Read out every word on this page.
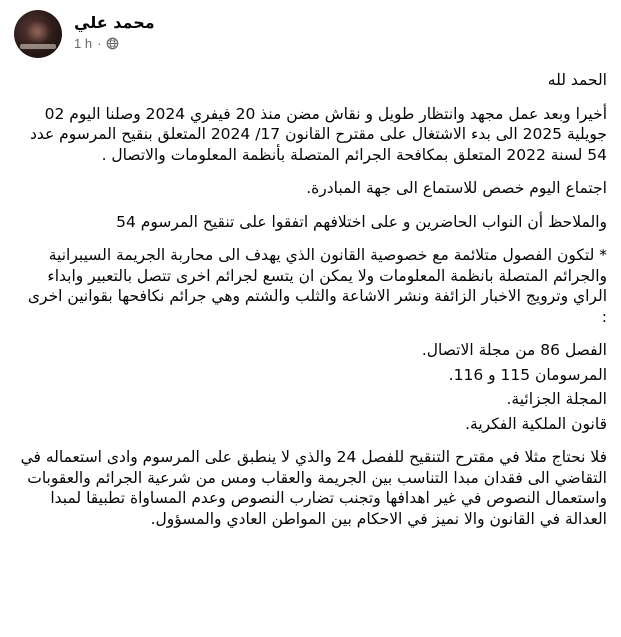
محمد علي
1 h ·

الحمد لله

أخيرا وبعد عمل مجهد وانتظار طويل و نقاش مضن منذ 20 فيفري 2024 وصلنا اليوم 02 جويلية 2025 الى بدء الاشتغال على مقترح القانون 17/ 2024 المتعلق بنقيح المرسوم عدد 54 لسنة 2022 المتعلق بمكافحة الجرائم المتصلة بأنظمة المعلومات والاتصال .

اجتماع اليوم خصص للاستماع الى جهة المبادرة.

والملاحظ أن النواب الحاضرين و على اختلافهم اتفقوا على تنقيح المرسوم 54

* لتكون الفصول متلائمة مع خصوصية القانون الذي يهدف الى محاربة الجريمة السيبرانية والجرائم المتصلة بانظمة المعلومات ولا يمكن ان يتسع لجرائم اخرى تتصل بالتعبير وابداء الراي وترويج الاخبار الزائفة ونشر الاشاعة والثلب والشتم وهي جرائم نكافحها بقوانين اخرى :

الفصل 86 من مجلة الاتصال.
المرسومان 115 و 116.
المجلة الجزائية.
قانون الملكية الفكرية.

فلا نحتاج مثلا في مقترح التنقيح للفصل 24 والذي لا ينطبق على المرسوم وادى استعماله في التقاضي الى فقدان مبدا التناسب بين الجريمة والعقاب ومس من شرعية الجرائم والعقوبات واستعمال النصوص في غير اهدافها وتجنب تضارب النصوص وعدم المساواة تطبيقا لمبدا العدالة في القانون والا نميز في الاحكام بين المواطن العادي والمسؤول.
